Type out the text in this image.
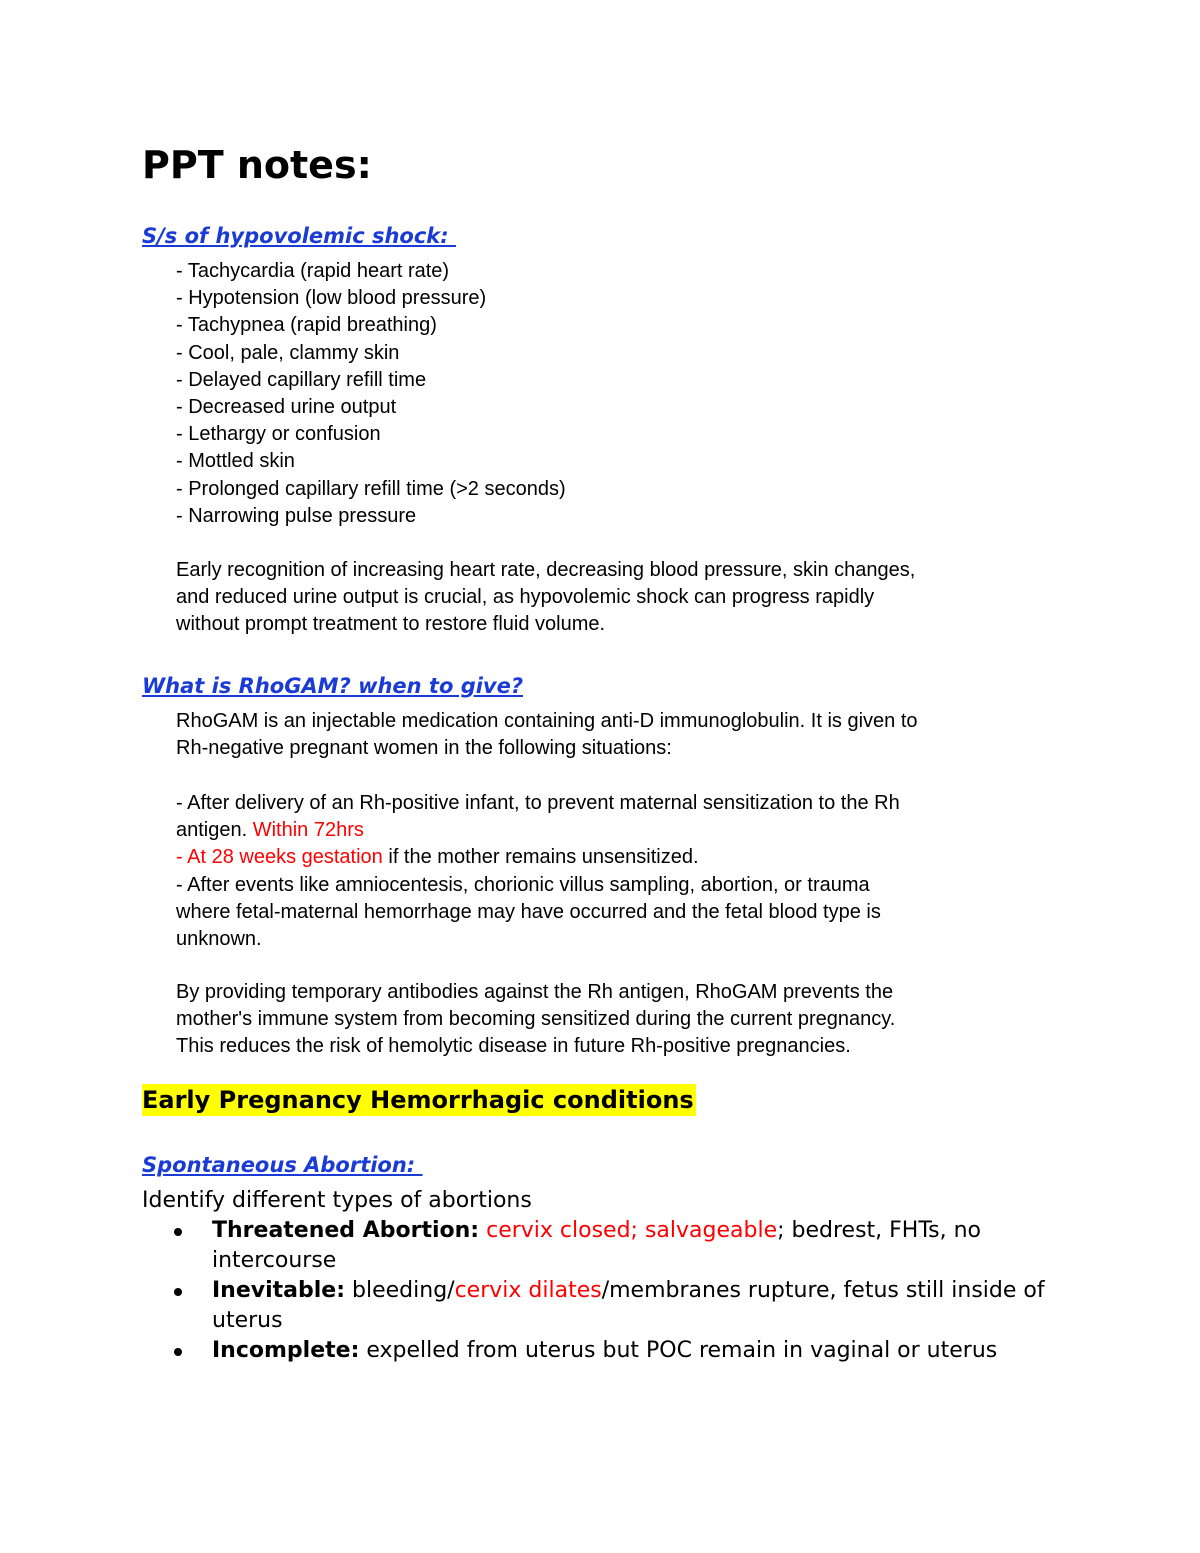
PPT notes:
S/s of hypovolemic shock:
- Tachycardia (rapid heart rate)
- Hypotension (low blood pressure)
- Tachypnea (rapid breathing)
- Cool, pale, clammy skin
- Delayed capillary refill time
- Decreased urine output
- Lethargy or confusion
- Mottled skin
- Prolonged capillary refill time (>2 seconds)
- Narrowing pulse pressure
Early recognition of increasing heart rate, decreasing blood pressure, skin changes,
and reduced urine output is crucial, as hypovolemic shock can progress rapidly
without prompt treatment to restore fluid volume.
What is RhoGAM? when to give?
RhoGAM is an injectable medication containing anti-D immunoglobulin. It is given to
Rh-negative pregnant women in the following situations:
- After delivery of an Rh-positive infant, to prevent maternal sensitization to the Rh
antigen. Within 72hrs
- At 28 weeks gestation if the mother remains unsensitized.
- After events like amniocentesis, chorionic villus sampling, abortion, or trauma
where fetal-maternal hemorrhage may have occurred and the fetal blood type is
unknown.
By providing temporary antibodies against the Rh antigen, RhoGAM prevents the
mother's immune system from becoming sensitized during the current pregnancy.
This reduces the risk of hemolytic disease in future Rh-positive pregnancies.
Early Pregnancy Hemorrhagic conditions
Spontaneous Abortion:
Identify different types of abortions
Threatened Abortion: cervix closed; salvageable; bedrest, FHTs, no intercourse
Inevitable: bleeding/cervix dilates/membranes rupture, fetus still inside of uterus
Incomplete: expelled from uterus but POC remain in vaginal or uterus
